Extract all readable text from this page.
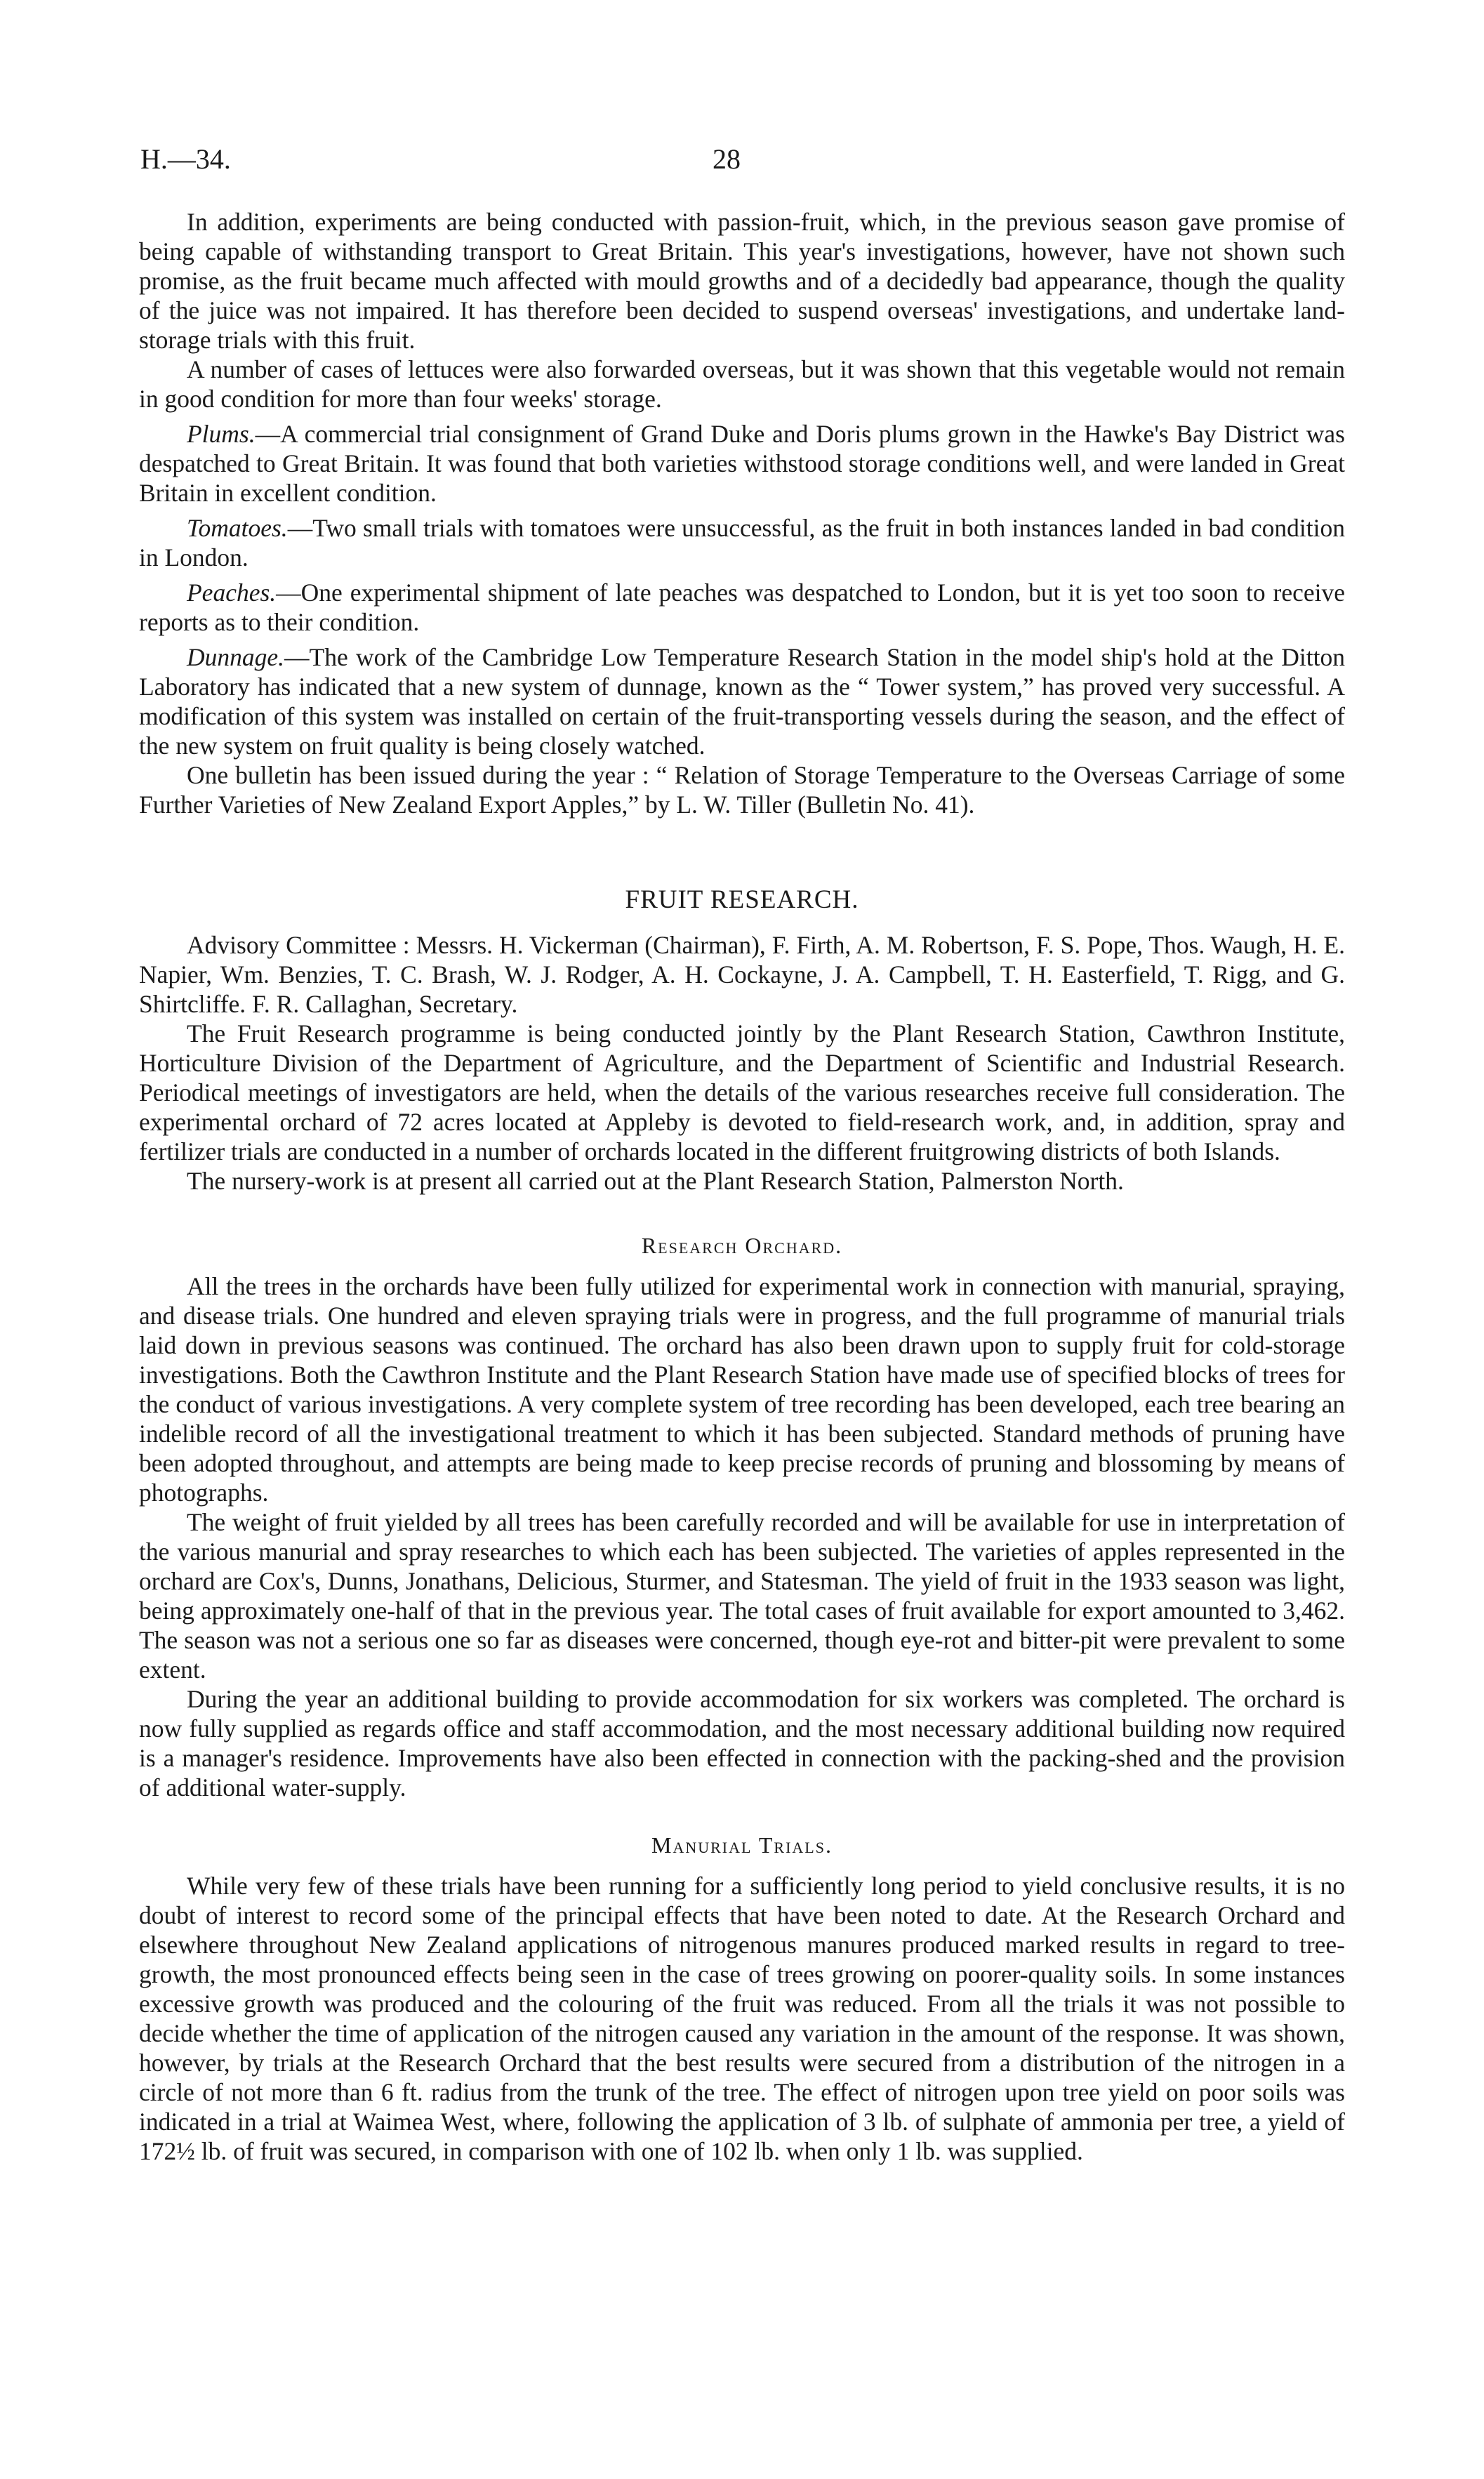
H.—34.	28

In addition, experiments are being conducted with passion-fruit, which, in the previous season gave promise of being capable of withstanding transport to Great Britain. This year's investigations, however, have not shown such promise, as the fruit became much affected with mould growths and of a decidedly bad appearance, though the quality of the juice was not impaired. It has therefore been decided to suspend overseas' investigations, and undertake land-storage trials with this fruit.

A number of cases of lettuces were also forwarded overseas, but it was shown that this vegetable would not remain in good condition for more than four weeks' storage.

Plums.—A commercial trial consignment of Grand Duke and Doris plums grown in the Hawke's Bay District was despatched to Great Britain. It was found that both varieties withstood storage conditions well, and were landed in Great Britain in excellent condition.

Tomatoes.—Two small trials with tomatoes were unsuccessful, as the fruit in both instances landed in bad condition in London.

Peaches.—One experimental shipment of late peaches was despatched to London, but it is yet too soon to receive reports as to their condition.

Dunnage.—The work of the Cambridge Low Temperature Research Station in the model ship's hold at the Ditton Laboratory has indicated that a new system of dunnage, known as the “ Tower system,” has proved very successful. A modification of this system was installed on certain of the fruit-transporting vessels during the season, and the effect of the new system on fruit quality is being closely watched.

One bulletin has been issued during the year : “ Relation of Storage Temperature to the Overseas Carriage of some Further Varieties of New Zealand Export Apples,” by L. W. Tiller (Bulletin No. 41).

FRUIT RESEARCH.

Advisory Committee : Messrs. H. Vickerman (Chairman), F. Firth, A. M. Robertson, F. S. Pope, Thos. Waugh, H. E. Napier, Wm. Benzies, T. C. Brash, W. J. Rodger, A. H. Cockayne, J. A. Campbell, T. H. Easterfield, T. Rigg, and G. Shirtcliffe. F. R. Callaghan, Secretary.

The Fruit Research programme is being conducted jointly by the Plant Research Station, Cawthron Institute, Horticulture Division of the Department of Agriculture, and the Department of Scientific and Industrial Research. Periodical meetings of investigators are held, when the details of the various researches receive full consideration. The experimental orchard of 72 acres located at Appleby is devoted to field-research work, and, in addition, spray and fertilizer trials are conducted in a number of orchards located in the different fruitgrowing districts of both Islands.

The nursery-work is at present all carried out at the Plant Research Station, Palmerston North.

Research Orchard.

All the trees in the orchards have been fully utilized for experimental work in connection with manurial, spraying, and disease trials. One hundred and eleven spraying trials were in progress, and the full programme of manurial trials laid down in previous seasons was continued. The orchard has also been drawn upon to supply fruit for cold-storage investigations. Both the Cawthron Institute and the Plant Research Station have made use of specified blocks of trees for the conduct of various investigations. A very complete system of tree recording has been developed, each tree bearing an indelible record of all the investigational treatment to which it has been subjected. Standard methods of pruning have been adopted throughout, and attempts are being made to keep precise records of pruning and blossoming by means of photographs.

The weight of fruit yielded by all trees has been carefully recorded and will be available for use in interpretation of the various manurial and spray researches to which each has been subjected. The varieties of apples represented in the orchard are Cox's, Dunns, Jonathans, Delicious, Sturmer, and Statesman. The yield of fruit in the 1933 season was light, being approximately one-half of that in the previous year. The total cases of fruit available for export amounted to 3,462. The season was not a serious one so far as diseases were concerned, though eye-rot and bitter-pit were prevalent to some extent.

During the year an additional building to provide accommodation for six workers was completed. The orchard is now fully supplied as regards office and staff accommodation, and the most necessary additional building now required is a manager's residence. Improvements have also been effected in connection with the packing-shed and the provision of additional water-supply.

Manurial Trials.

While very few of these trials have been running for a sufficiently long period to yield conclusive results, it is no doubt of interest to record some of the principal effects that have been noted to date. At the Research Orchard and elsewhere throughout New Zealand applications of nitrogenous manures produced marked results in regard to tree-growth, the most pronounced effects being seen in the case of trees growing on poorer-quality soils. In some instances excessive growth was produced and the colouring of the fruit was reduced. From all the trials it was not possible to decide whether the time of application of the nitrogen caused any variation in the amount of the response. It was shown, however, by trials at the Research Orchard that the best results were secured from a distribution of the nitrogen in a circle of not more than 6 ft. radius from the trunk of the tree. The effect of nitrogen upon tree yield on poor soils was indicated in a trial at Waimea West, where, following the application of 3 lb. of sulphate of ammonia per tree, a yield of 172½ lb. of fruit was secured, in comparison with one of 102 lb. when only 1 lb. was supplied.
